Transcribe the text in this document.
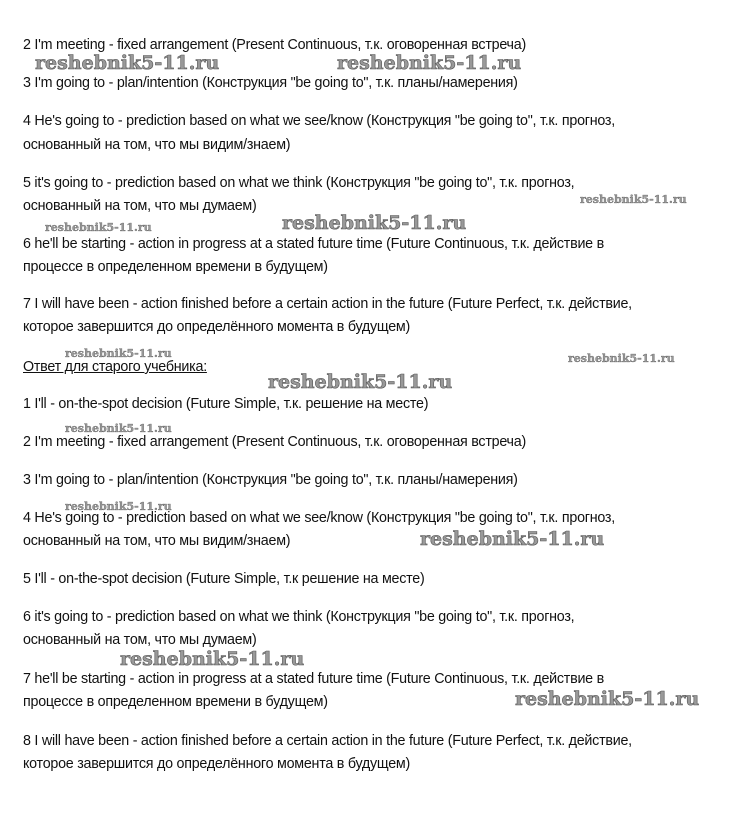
2 I'm meeting - fixed arrangement (Present Continuous, т.к. оговоренная встреча)
3 I'm going to - plan/intention (Конструкция "be going to", т.к. планы/намерения)
4 He's going to - prediction based on what we see/know (Конструкция "be going to", т.к. прогноз,
основанный на том, что мы видим/знаем)
5 it's going to - prediction based on what we think (Конструкция "be going to", т.к. прогноз,
основанный на том, что мы думаем)
6 he'll be starting - action in progress at a stated future time (Future Continuous, т.к. действие в
процессе в определенном времени в будущем)
7 I will have been - action finished before a certain action in the future (Future Perfect, т.к. действие,
которое завершится до определённого момента в будущем)
Ответ для старого учебника:
1 I'll - on-the-spot decision (Future Simple, т.к. решение на месте)
2 I'm meeting - fixed arrangement (Present Continuous, т.к. оговоренная встреча)
3 I'm going to - plan/intention (Конструкция "be going to", т.к. планы/намерения)
4 He's going to - prediction based on what we see/know (Конструкция "be going to", т.к. прогноз,
основанный на том, что мы видим/знаем)
5 I'll - on-the-spot decision (Future Simple, т.к решение на месте)
6 it's going to - prediction based on what we think (Конструкция "be going to", т.к. прогноз,
основанный на том, что мы думаем)
7 he'll be starting - action in progress at a stated future time (Future Continuous, т.к. действие в
процессе в определенном времени в будущем)
8 I will have been - action finished before a certain action in the future (Future Perfect, т.к. действие,
которое завершится до определённого момента в будущем)
reshebnik5-11.ru	reshebnik5-11.ru
reshebnik5-11.ru
reshebnik5-11.ru	reshebnik5-11.ru
reshebnik5-11.ru	reshebnik5-11.ru
reshebnik5-11.ru
reshebnik5-11.ru
reshebnik5-11.ru
reshebnik5-11.ru
reshebnik5-11.ru
reshebnik5-11.ru
